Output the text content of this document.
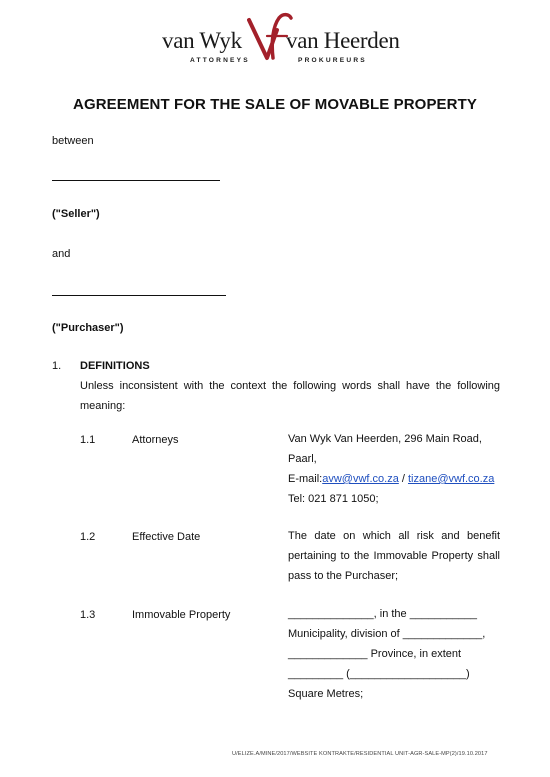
van Wyk van Heerden
ATTORNEYS	PROKUREURS
AGREEMENT FOR THE SALE OF MOVABLE PROPERTY
between
("Seller")
and
("Purchaser")
1. DEFINITIONS
Unless inconsistent with the context the following words shall have the following meaning:
1.1	Attorneys	Van Wyk Van Heerden, 296 Main Road,
Paarl,
E-mail:avw@vwf.co.za / tizane@vwf.co.za
Tel: 021 871 1050;
1.2	Effective Date	The date on which all risk and benefit pertaining to the Immovable Property shall pass to the Purchaser;
1.3	Immovable Property	______________, in the ___________
Municipality, division of _____________,
_____________ Province, in extent
_________ (___________________)
Square Metres;
U/ELIZE.A/MINE/2017/WEBSITE KONTRAKTE/RESIDENTIAL UNIT-AGR-SALE-MP(2)/19.10.2017
